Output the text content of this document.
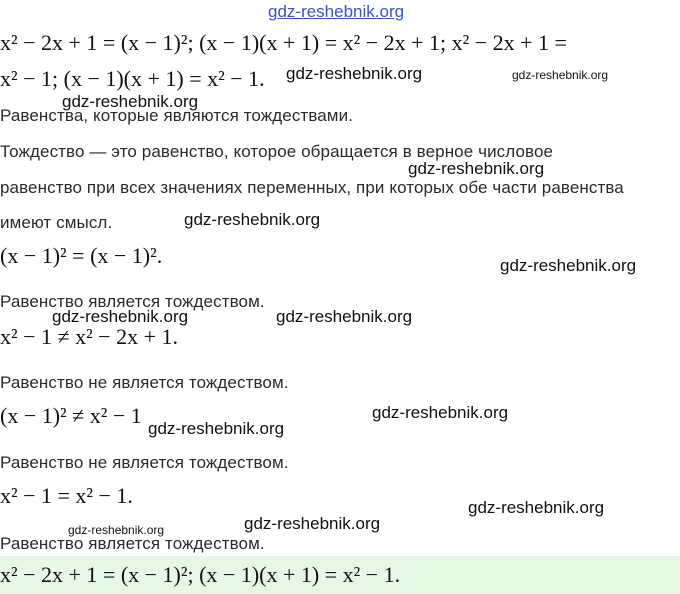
gdz-reshebnik.org
x² − 2x + 1 = (x − 1)²; (x − 1)(x + 1) = x² − 2x + 1; x² − 2x + 1 =
x² − 1; (x − 1)(x + 1) = x² − 1. gdz-reshebnik.org	gdz-reshebnik.org
gdz-reshebnik.org
Равенства, которые являются тождествами.
Тождество — это равенство, которое обращается в верное числовое
gdz-reshebnik.org
равенство при всех значениях переменных, при которых обе части равенства
имеют смысл.	gdz-reshebnik.org
(x − 1)² = (x − 1)².	gdz-reshebnik.org
Равенство является тождеством.
gdz-reshebnik.org	gdz-reshebnik.org
x² − 1 ≠ x² − 2x + 1.
Равенство не является тождеством.
(x − 1)² ≠ x² − 1	gdz-reshebnik.org
gdz-reshebnik.org
Равенство не является тождеством.
x² − 1 = x² − 1.	gdz-reshebnik.org
gdz-reshebnik.org	gdz-reshebnik.org
Равенство является тождеством.
x² − 2x + 1 = (x − 1)²; (x − 1)(x + 1) = x² − 1.
